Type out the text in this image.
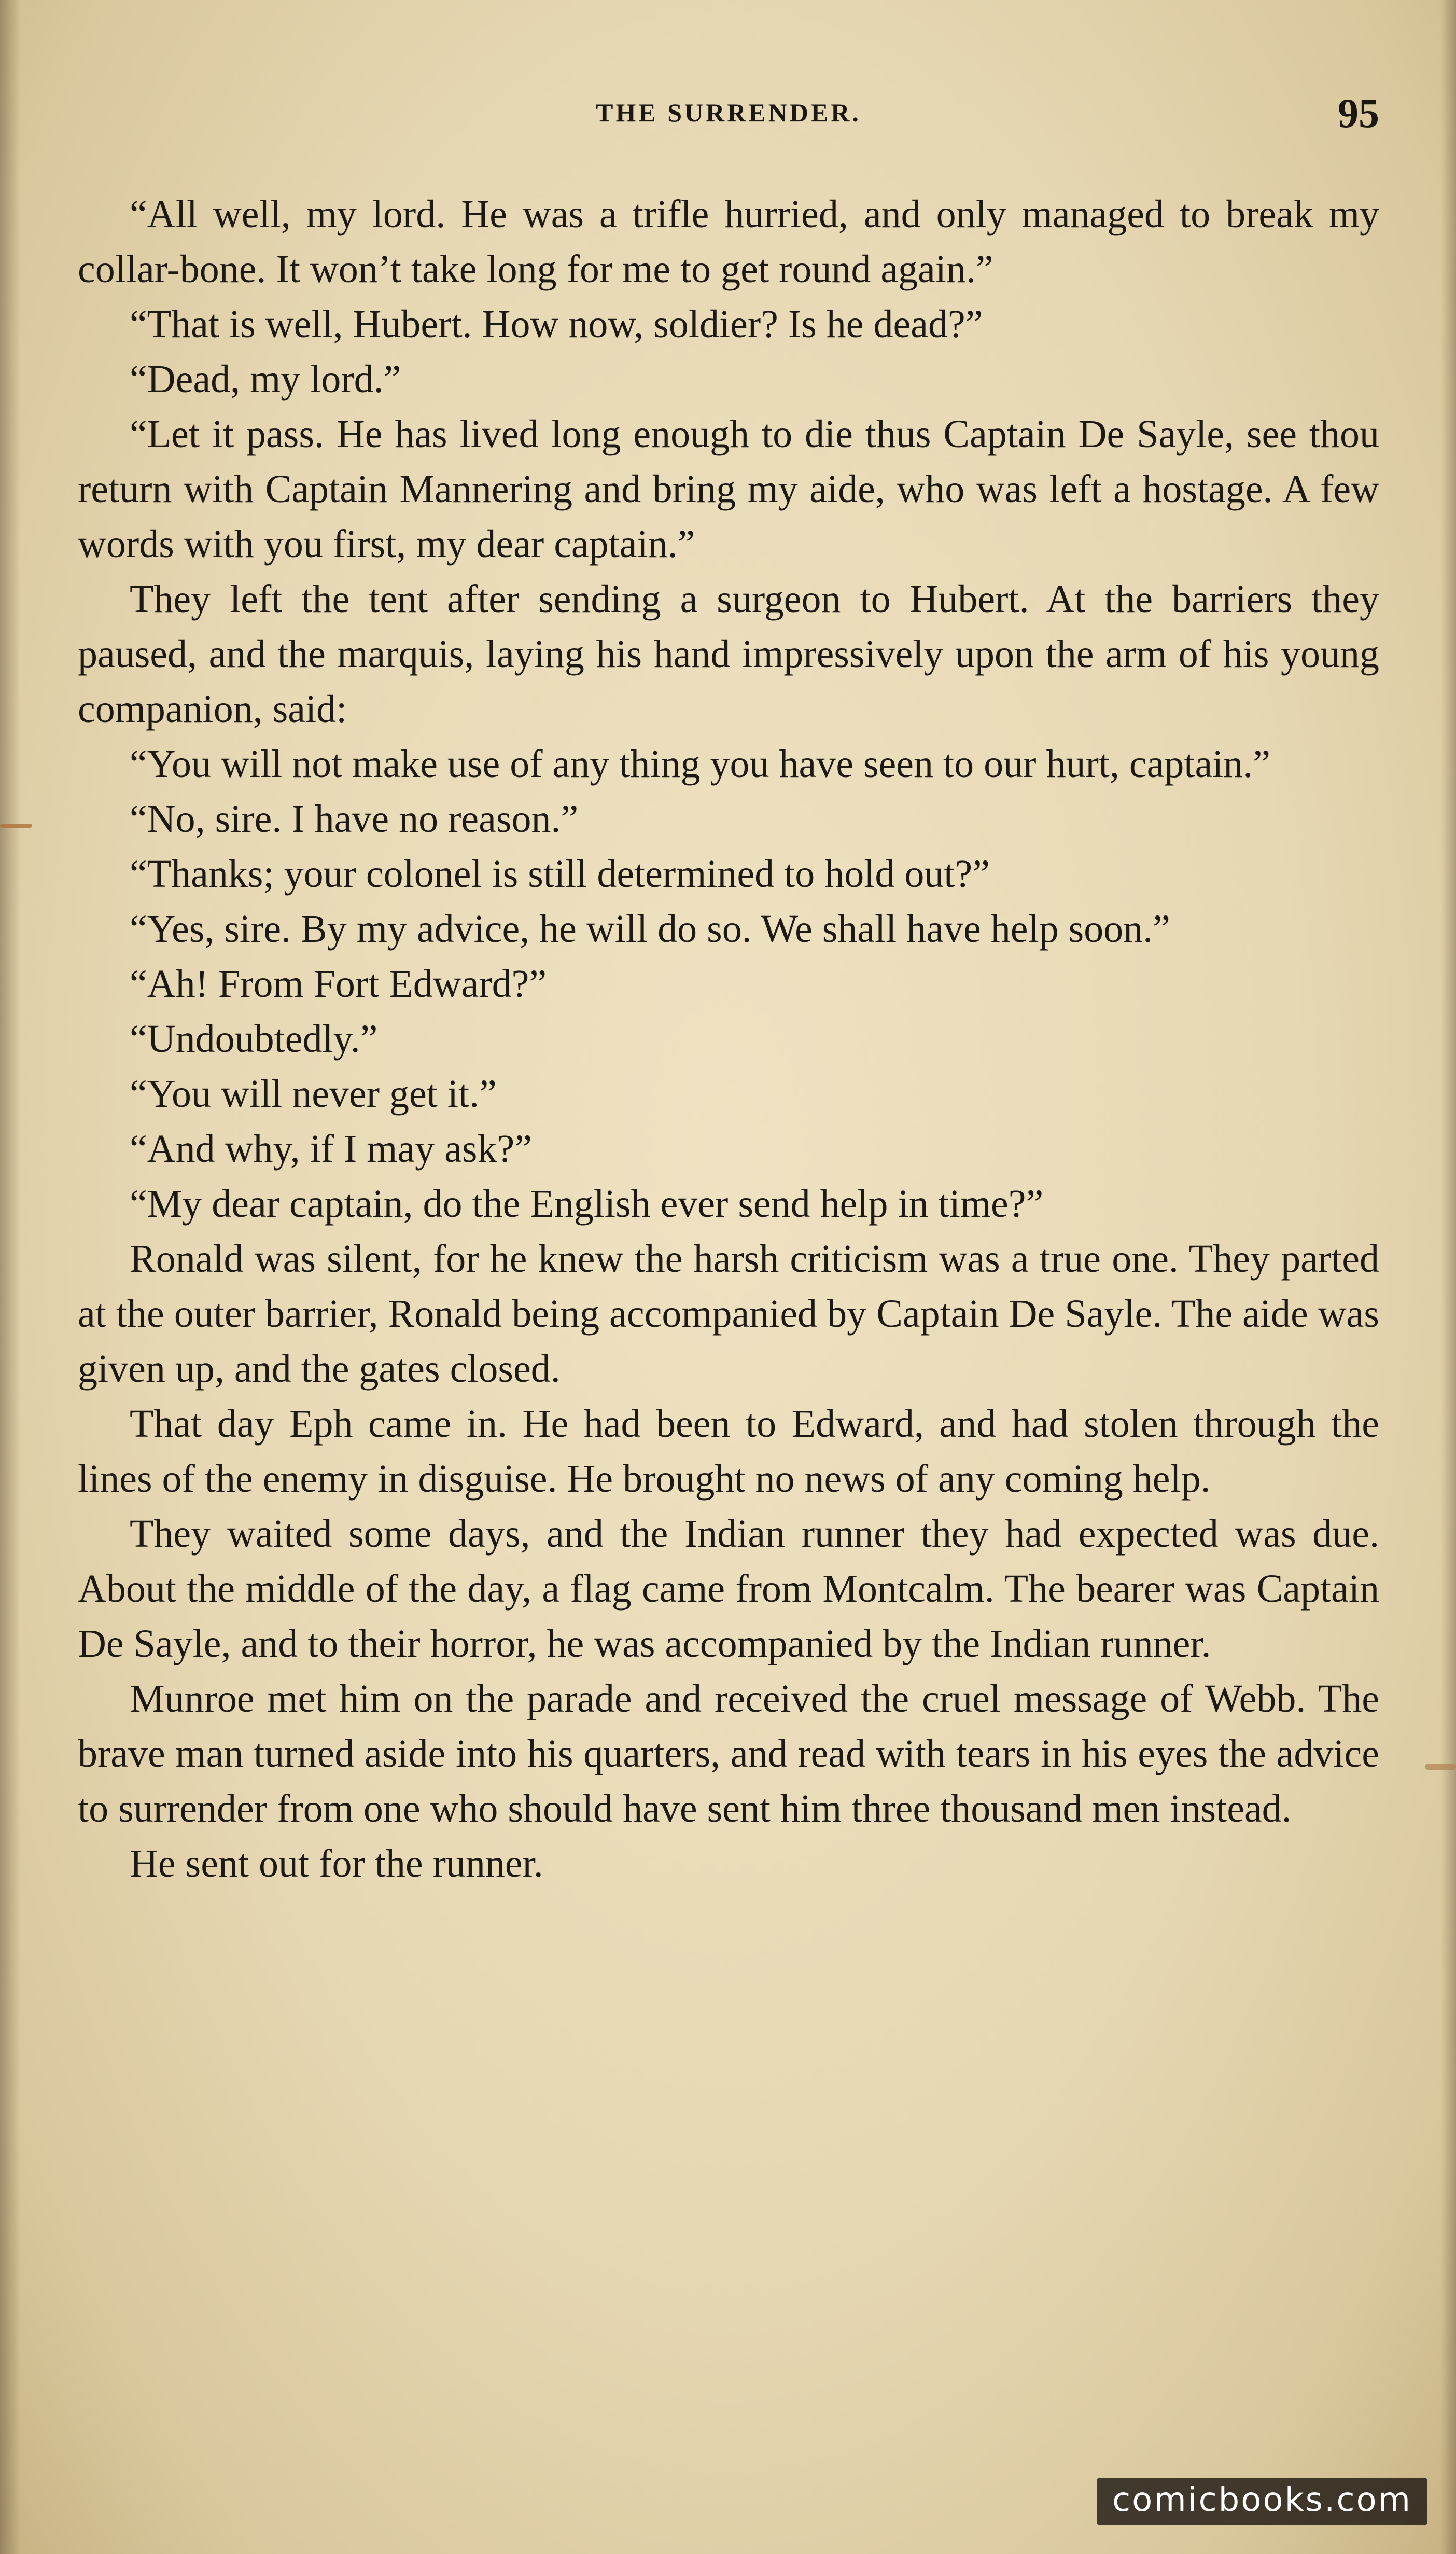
THE SURRENDER.	95

“All well, my lord. He was a trifle hurried, and only managed to break my collar-bone. It won’t take long for me to get round again.”

“That is well, Hubert. How now, soldier? Is he dead?”

“Dead, my lord.”

“Let it pass. He has lived long enough to die thus Captain De Sayle, see thou return with Captain Mannering and bring my aide, who was left a hostage. A few words with you first, my dear captain.”

They left the tent after sending a surgeon to Hubert. At the barriers they paused, and the marquis, laying his hand impressively upon the arm of his young companion, said:

“You will not make use of any thing you have seen to our hurt, captain.”

“No, sire. I have no reason.”

“Thanks; your colonel is still determined to hold out?”

“Yes, sire. By my advice, he will do so. We shall have help soon.”

“Ah! From Fort Edward?”

“Undoubtedly.”

“You will never get it.”

“And why, if I may ask?”

“My dear captain, do the English ever send help in time?”

Ronald was silent, for he knew the harsh criticism was a true one. They parted at the outer barrier, Ronald being accompanied by Captain De Sayle. The aide was given up, and the gates closed.

That day Eph came in. He had been to Edward, and had stolen through the lines of the enemy in disguise. He brought no news of any coming help.

They waited some days, and the Indian runner they had expected was due. About the middle of the day, a flag came from Montcalm. The bearer was Captain De Sayle, and to their horror, he was accompanied by the Indian runner.

Munroe met him on the parade and received the cruel message of Webb. The brave man turned aside into his quarters, and read with tears in his eyes the advice to surrender from one who should have sent him three thousand men instead.

He sent out for the runner.

comicbooks.com
